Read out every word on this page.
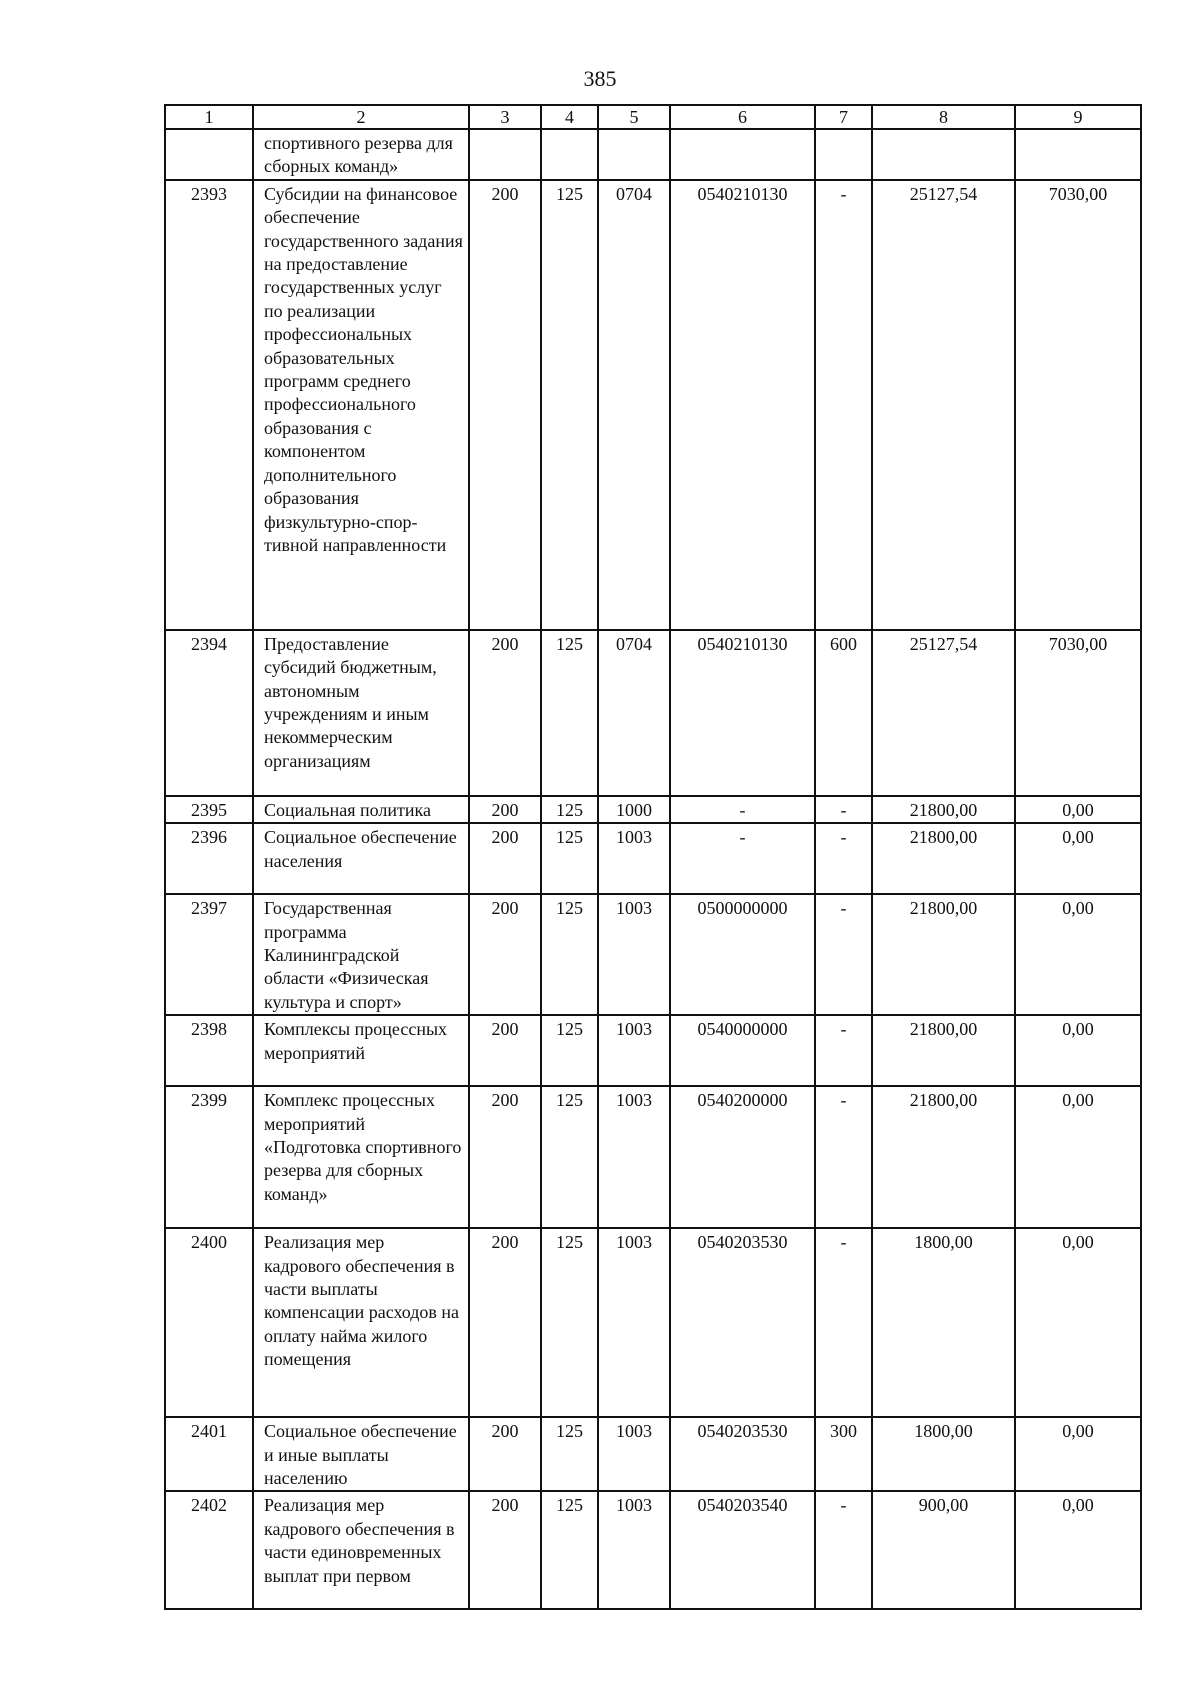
385
1	2	3	4	5	6	7	8	9
	спортивного резерва для сборных команд»							
2393	Субсидии на финансовое обеспечение государственного задания на предоставление государственных услуг по реализации профессиональных образовательных программ среднего профессионального образования с компонентом дополнительного образования физкультурно-спор-тивной направленности	200	125	0704	0540210130	-	25127,54	7030,00
2394	Предоставление субсидий бюджетным, автономным учреждениям и иным некоммерческим организациям	200	125	0704	0540210130	600	25127,54	7030,00
2395	Социальная политика	200	125	1000	-	-	21800,00	0,00
2396	Социальное обеспечение населения	200	125	1003	-	-	21800,00	0,00
2397	Государственная программа Калининградской области «Физическая культура и спорт»	200	125	1003	0500000000	-	21800,00	0,00
2398	Комплексы процессных мероприятий	200	125	1003	0540000000	-	21800,00	0,00
2399	Комплекс процессных мероприятий «Подготовка спортивного резерва для сборных команд»	200	125	1003	0540200000	-	21800,00	0,00
2400	Реализация мер кадрового обеспечения в части выплаты компенсации расходов на оплату найма жилого помещения	200	125	1003	0540203530	-	1800,00	0,00
2401	Социальное обеспечение и иные выплаты населению	200	125	1003	0540203530	300	1800,00	0,00
2402	Реализация мер кадрового обеспечения в части единовременных выплат при первом	200	125	1003	0540203540	-	900,00	0,00
